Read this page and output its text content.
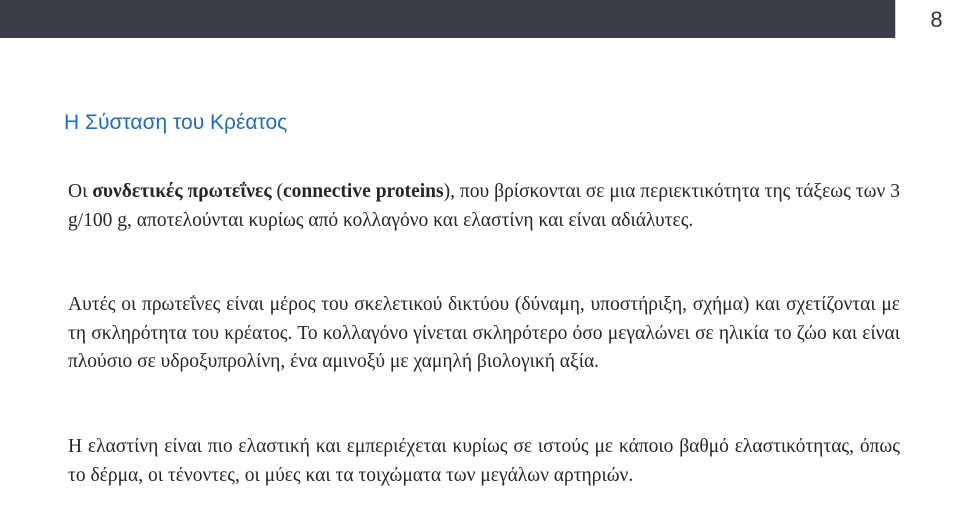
8
Η Σύσταση του Κρέατος

Οι συνδετικές πρωτεΐνες (connective proteins), που βρίσκονται σε μια περιεκτικότητα της τάξεως των 3 g/100 g, αποτελούνται κυρίως από κολλαγόνο και ελαστίνη και είναι αδιάλυτες.

Αυτές οι πρωτεΐνες είναι μέρος του σκελετικού δικτύου (δύναμη, υποστήριξη, σχήμα) και σχετίζονται με τη σκληρότητα του κρέατος. Το κολλαγόνο γίνεται σκληρότερο όσο μεγαλώνει σε ηλικία το ζώο και είναι πλούσιο σε υδροξυπρολίνη, ένα αμινοξύ με χαμηλή βιολογική αξία.

Η ελαστίνη είναι πιο ελαστική και εμπεριέχεται κυρίως σε ιστούς με κάποιο βαθμό ελαστικότητας, όπως το δέρμα, οι τένοντες, οι μύες και τα τοιχώματα των μεγάλων αρτηριών.
